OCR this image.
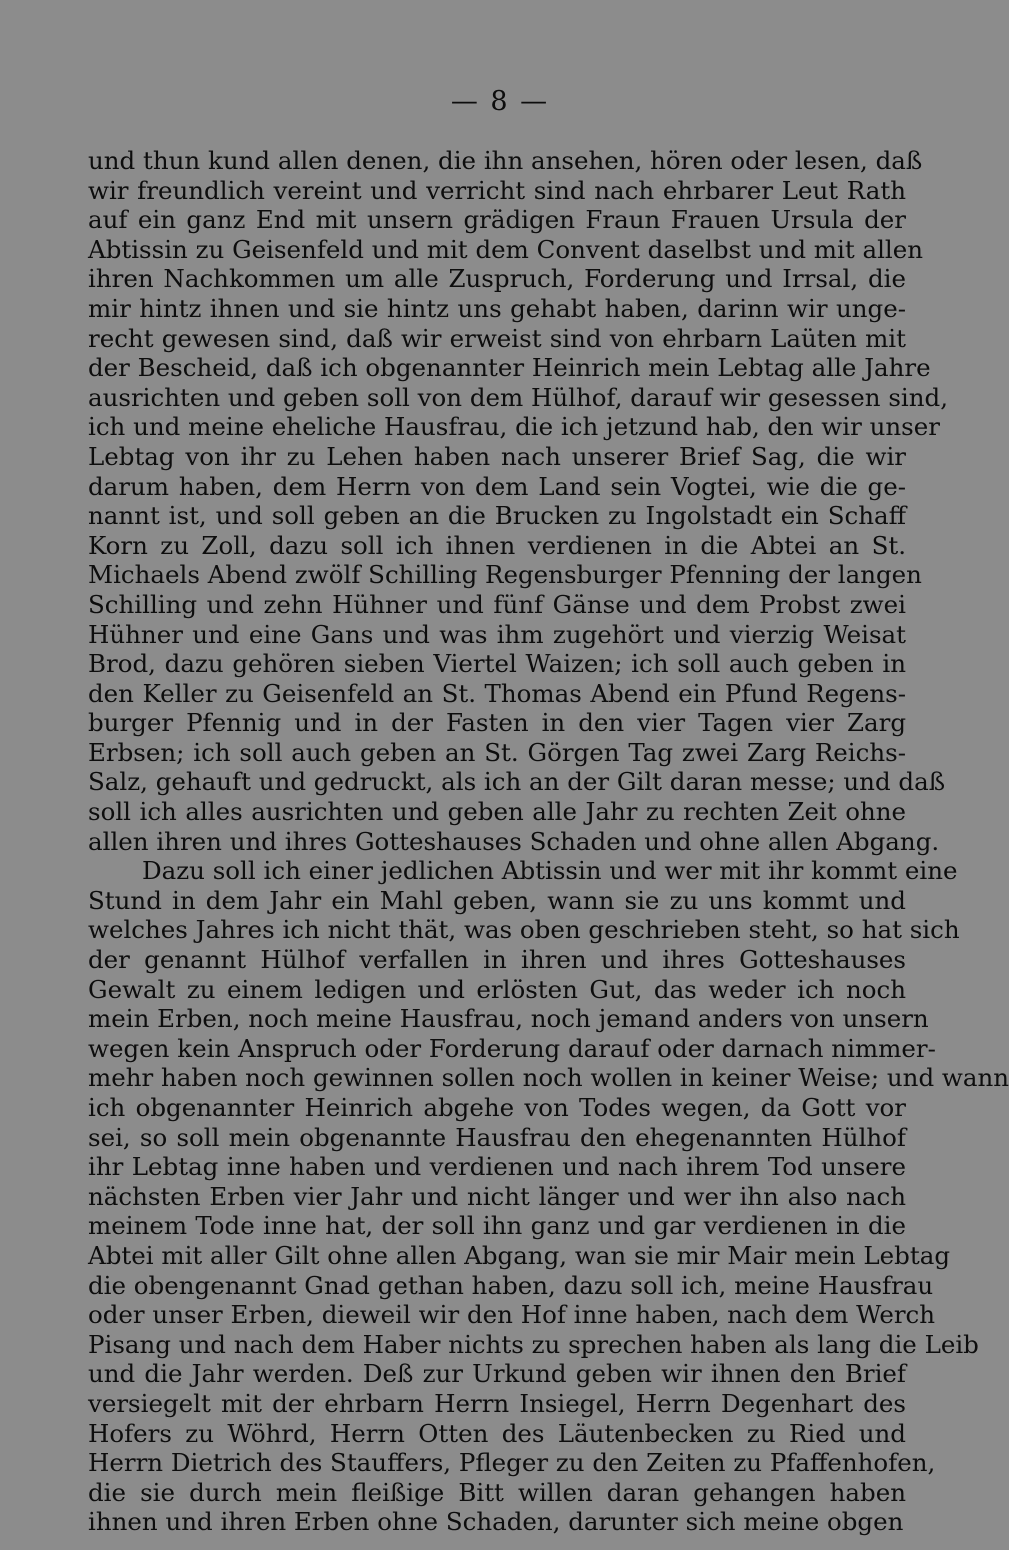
— 8 —
und thun kund allen denen, die ihn ansehen, hören oder lesen, daß
wir freundlich vereint und verricht sind nach ehrbarer Leut Rath
auf ein ganz End mit unsern grädigen Fraun Frauen Ursula der
Abtissin zu Geisenfeld und mit dem Convent daselbst und mit allen
ihren Nachkommen um alle Zuspruch, Forderung und Irrsal, die
mir hintz ihnen und sie hintz uns gehabt haben, darinn wir unge-
recht gewesen sind, daß wir erweist sind von ehrbarn Laüten mit
der Bescheid, daß ich obgenannter Heinrich mein Lebtag alle Jahre
ausrichten und geben soll von dem Hülhof, darauf wir gesessen sind,
ich und meine eheliche Hausfrau, die ich jetzund hab, den wir unser
Lebtag von ihr zu Lehen haben nach unserer Brief Sag, die wir
darum haben, dem Herrn von dem Land sein Vogtei, wie die ge-
nannt ist, und soll geben an die Brucken zu Ingolstadt ein Schaff
Korn zu Zoll, dazu soll ich ihnen verdienen in die Abtei an St.
Michaels Abend zwölf Schilling Regensburger Pfenning der langen
Schilling und zehn Hühner und fünf Gänse und dem Probst zwei
Hühner und eine Gans und was ihm zugehört und vierzig Weisat
Brod, dazu gehören sieben Viertel Waizen; ich soll auch geben in
den Keller zu Geisenfeld an St. Thomas Abend ein Pfund Regens-
burger Pfennig und in der Fasten in den vier Tagen vier Zarg
Erbsen; ich soll auch geben an St. Görgen Tag zwei Zarg Reichs-
Salz, gehauft und gedruckt, als ich an der Gilt daran messe; und daß
soll ich alles ausrichten und geben alle Jahr zu rechten Zeit ohne
allen ihren und ihres Gotteshauses Schaden und ohne allen Abgang.
Dazu soll ich einer jedlichen Abtissin und wer mit ihr kommt eine
Stund in dem Jahr ein Mahl geben, wann sie zu uns kommt und
welches Jahres ich nicht thät, was oben geschrieben steht, so hat sich
der genannt Hülhof verfallen in ihren und ihres Gotteshauses
Gewalt zu einem ledigen und erlösten Gut, das weder ich noch
mein Erben, noch meine Hausfrau, noch jemand anders von unsern
wegen kein Anspruch oder Forderung darauf oder darnach nimmer-
mehr haben noch gewinnen sollen noch wollen in keiner Weise; und wann
ich obgenannter Heinrich abgehe von Todes wegen, da Gott vor
sei, so soll mein obgenannte Hausfrau den ehegenannten Hülhof
ihr Lebtag inne haben und verdienen und nach ihrem Tod unsere
nächsten Erben vier Jahr und nicht länger und wer ihn also nach
meinem Tode inne hat, der soll ihn ganz und gar verdienen in die
Abtei mit aller Gilt ohne allen Abgang, wan sie mir Mair mein Lebtag
die obengenannt Gnad gethan haben, dazu soll ich, meine Hausfrau
oder unser Erben, dieweil wir den Hof inne haben, nach dem Werch
Pisang und nach dem Haber nichts zu sprechen haben als lang die Leib
und die Jahr werden. Deß zur Urkund geben wir ihnen den Brief
versiegelt mit der ehrbarn Herrn Insiegel, Herrn Degenhart des
Hofers zu Wöhrd, Herrn Otten des Läutenbecken zu Ried und
Herrn Dietrich des Stauffers, Pfleger zu den Zeiten zu Pfaffenhofen,
die sie durch mein fleißige Bitt willen daran gehangen haben
ihnen und ihren Erben ohne Schaden, darunter sich meine obgen
